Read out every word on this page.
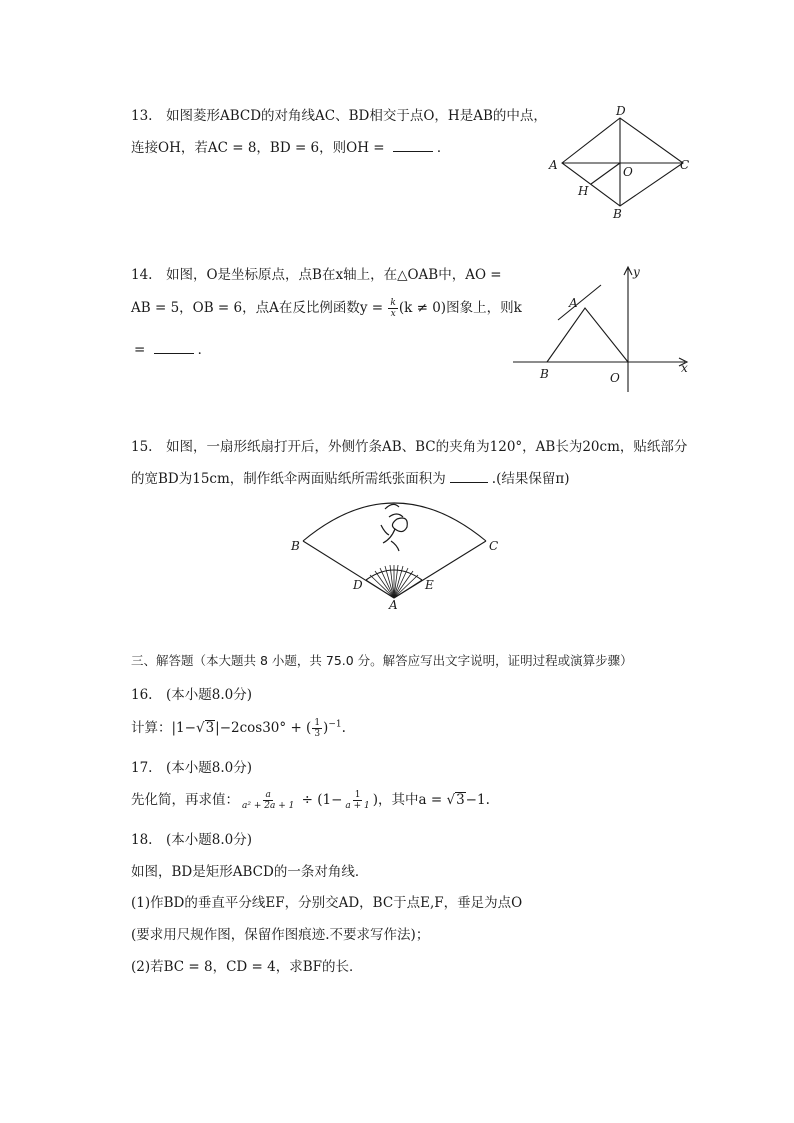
13.　如图菱形ABCD的对角线AC、BD相交于点O，H是AB的中点，
连接OH，若AC = 8，BD = 6，则OH =	．
D
A	C
O
H
B
14.　如图，O是坐标原点，点B在x轴上，在△OAB中，AO =
AB = 5，OB = 6，点A在反比例函数$y = \frac{k}{x} (k \ne 0)$图象上，则k
=	．
y
A
B	O
x
15.　如图，一扇形纸扇打开后，外侧竹条AB、BC的夹角为120°，AB长为20cm，贴纸部分
的宽BD为15cm，制作纸伞两面贴纸所需纸张面积为	.(结果保留π)
B	C
D	E
A
三、解答题（本大题共 8 小题，共 75.0 分。解答应写出文字说明，证明过程或演算步骤）
16.　(本小题8.0分)
计算：|1−√ 3 |−2cos30° + ( $\frac{1}{3} )^{-1}$.
17.　(本小题8.0分)
先化简，再求值： $\frac{a}{\text{a² + 2a + 1}} \div (1- \frac{1}{a + 1}$ )，其中a = √ 3 −1.
18.　(本小题8.0分)
如图，BD是矩形ABCD的一条对角线．
(1)作BD的垂直平分线EF，分别交AD，BC于点E,F，垂足为点O
(要求用尺规作图，保留作图痕迹.不要求写作法)；
(2)若BC = 8，CD = 4，求BF的长．
